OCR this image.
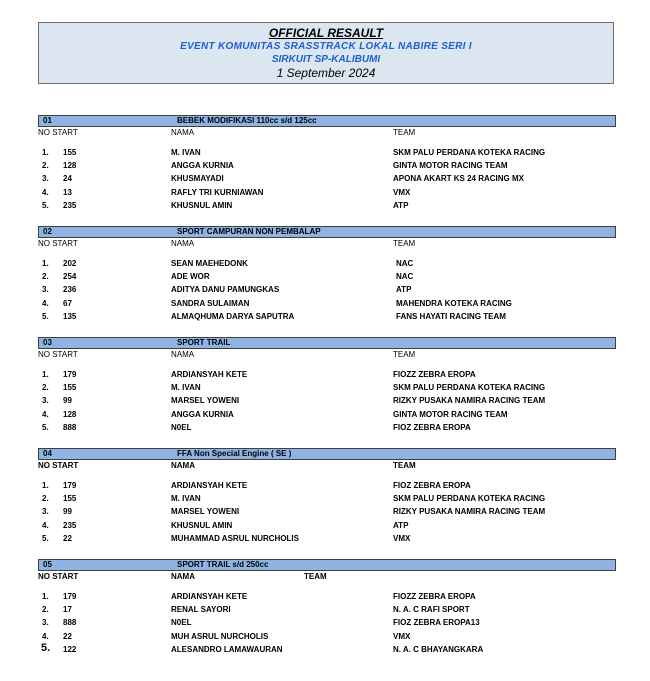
OFFICIAL RESAULT
EVENT KOMUNITAS SRASSTRACK LOKAL NABIRE SERI I
SIRKUIT SP-KALIBUMI
1 September 2024
01	BEBEK MODIFIKASI 110cc s/d 125cc
NO START	NAMA	TEAM
1. 155	M. IVAN	SKM PALU PERDANA KOTEKA RACING
2. 128	ANGGA KURNIA	GINTA MOTOR RACING TEAM
3. 24	KHUSMAYADI	APONA AKART KS 24 RACING MX
4. 13	RAFLY TRI KURNIAWAN	VMX
5. 235	KHUSNUL AMIN	ATP
02	SPORT CAMPURAN NON PEMBALAP
NO START	NAMA	TEAM
1. 202	SEAN MAEHEDONK	NAC
2. 254	ADE WOR	NAC
3. 236	ADITYA DANU PAMUNGKAS	ATP
4. 67	SANDRA SULAIMAN	MAHENDRA KOTEKA RACING
5. 135	ALMAQHUMA DARYA SAPUTRA	FANS HAYATI RACING TEAM
03	SPORT TRAIL
NO START	NAMA	TEAM
1. 179	ARDIANSYAH KETE	FIOZZ ZEBRA EROPA
2. 155	M. IVAN	SKM PALU PERDANA KOTEKA RACING
3. 99	MARSEL YOWENI	RIZKY PUSAKA NAMIRA RACING TEAM
4. 128	ANGGA KURNIA	GINTA MOTOR RACING TEAM
5. 888	N0EL	FIOZ ZEBRA EROPA
04	FFA Non Special Engine ( SE )
NO START	NAMA	TEAM
1. 179	ARDIANSYAH KETE	FIOZ ZEBRA EROPA
2. 155	M. IVAN	SKM PALU PERDANA KOTEKA RACING
3. 99	MARSEL YOWENI	RIZKY PUSAKA NAMIRA RACING TEAM
4. 235	KHUSNUL AMIN	ATP
5. 22	MUHAMMAD ASRUL NURCHOLIS	VMX
05	SPORT TRAIL s/d 250cc
NO START	NAMA	TEAM
1. 179	ARDIANSYAH KETE	FIOZZ ZEBRA EROPA
2. 17	RENAL SAYORI	N. A. C RAFI SPORT
3. 888	N0EL	FIOZ ZEBRA EROPA13
4. 22	MUH ASRUL NURCHOLIS	VMX
5. 122	ALESANDRO LAMAWAURAN	N. A. C BHAYANGKARA
